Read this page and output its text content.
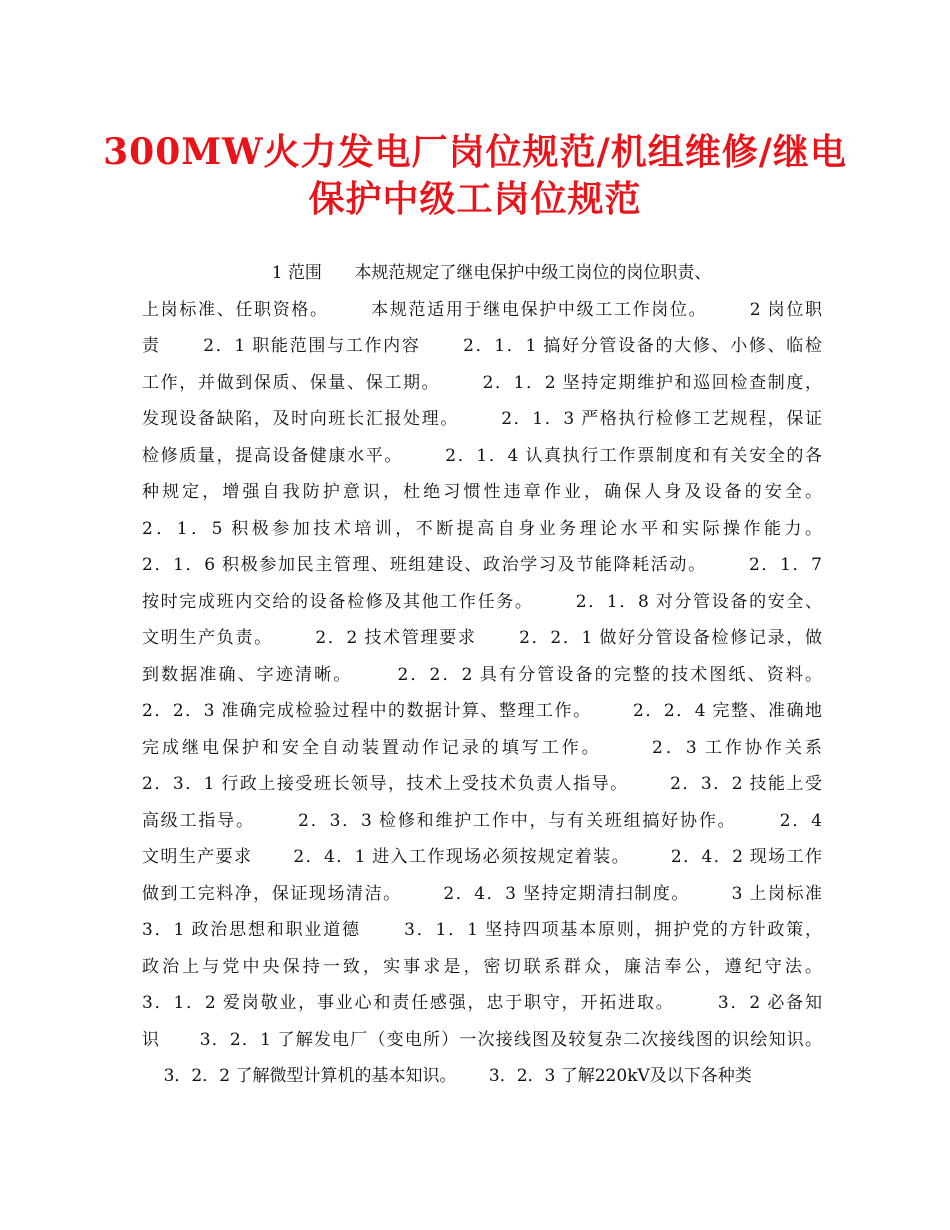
300MW火力发电厂岗位规范/机组维修/继电
保护中级工岗位规范
1 范围      本规范规定了继电保护中级工岗位的岗位职责、
上岗标准、任职资格。      本规范适用于继电保护中级工工作岗位。      2 岗位职
责      2．1 职能范围与工作内容      2．1．1 搞好分管设备的大修、小修、临检
工作，并做到保质、保量、保工期。      2．1．2 坚持定期维护和巡回检查制度，
发现设备缺陷，及时向班长汇报处理。      2．1．3 严格执行检修工艺规程，保证
检修质量，提高设备健康水平。      2．1．4 认真执行工作票制度和有关安全的各
种规定，增强自我防护意识，杜绝习惯性违章作业，确保人身及设备的安全。
2．1．5 积极参加技术培训，不断提高自身业务理论水平和实际操作能力。
2．1．6 积极参加民主管理、班组建设、政治学习及节能降耗活动。      2．1．7
按时完成班内交给的设备检修及其他工作任务。      2．1．8 对分管设备的安全、
文明生产负责。      2．2 技术管理要求      2．2．1 做好分管设备检修记录，做
到数据准确、字迹清晰。      2．2．2 具有分管设备的完整的技术图纸、资料。
2．2．3 准确完成检验过程中的数据计算、整理工作。      2．2．4 完整、准确地
完成继电保护和安全自动装置动作记录的填写工作。      2．3 工作协作关系
2．3．1 行政上接受班长领导，技术上受技术负责人指导。      2．3．2 技能上受
高级工指导。      2．3．3 检修和维护工作中，与有关班组搞好协作。      2．4
文明生产要求      2．4．1 进入工作现场必须按规定着装。      2．4．2 现场工作
做到工完料净，保证现场清洁。      2．4．3 坚持定期清扫制度。      3 上岗标准
3．1 政治思想和职业道德      3．1．1 坚持四项基本原则，拥护党的方针政策，
政治上与党中央保持一致，实事求是，密切联系群众，廉洁奉公，遵纪守法。
3．1．2 爱岗敬业，事业心和责任感强，忠于职守，开拓进取。      3．2 必备知
识      3．2．1 了解发电厂（变电所）一次接线图及较复杂二次接线图的识绘知识。
3．2．2 了解微型计算机的基本知识。      3．2．3 了解220kV及以下各种类
